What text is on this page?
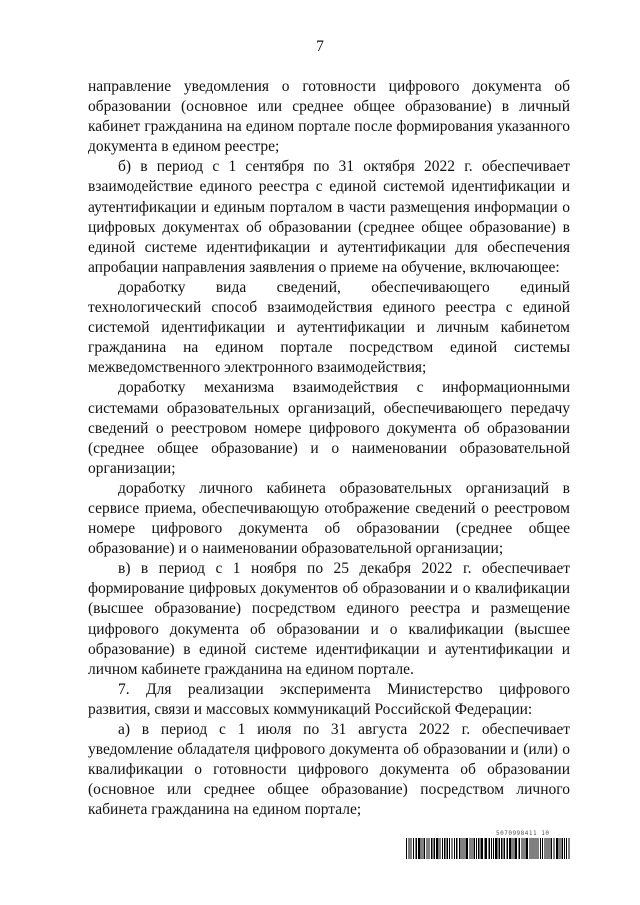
7

направление уведомления о готовности цифрового документа об образовании (основное или среднее общее образование) в личный кабинет гражданина на едином портале после формирования указанного документа в едином реестре;

б) в период с 1 сентября по 31 октября 2022 г. обеспечивает взаимодействие единого реестра с единой системой идентификации и аутентификации и единым порталом в части размещения информации о цифровых документах об образовании (среднее общее образование) в единой системе идентификации и аутентификации для обеспечения апробации направления заявления о приеме на обучение, включающее:

доработку вида сведений, обеспечивающего единый технологический способ взаимодействия единого реестра с единой системой идентификации и аутентификации и личным кабинетом гражданина на едином портале посредством единой системы межведомственного электронного взаимодействия;

доработку механизма взаимодействия с информационными системами образовательных организаций, обеспечивающего передачу сведений о реестровом номере цифрового документа об образовании (среднее общее образование) и о наименовании образовательной организации;

доработку личного кабинета образовательных организаций в сервисе приема, обеспечивающую отображение сведений о реестровом номере цифрового документа об образовании (среднее общее образование) и о наименовании образовательной организации;

в) в период с 1 ноября по 25 декабря 2022 г. обеспечивает формирование цифровых документов об образовании и о квалификации (высшее образование) посредством единого реестра и размещение цифрового документа об образовании и о квалификации (высшее образование) в единой системе идентификации и аутентификации и личном кабинете гражданина на едином портале.

7. Для реализации эксперимента Министерство цифрового развития, связи и массовых коммуникаций Российской Федерации:

а) в период с 1 июля по 31 августа 2022 г. обеспечивает уведомление обладателя цифрового документа об образовании и (или) о квалификации о готовности цифрового документа об образовании (основное или среднее общее образование) посредством личного кабинета гражданина на едином портале;

5070998411 10
